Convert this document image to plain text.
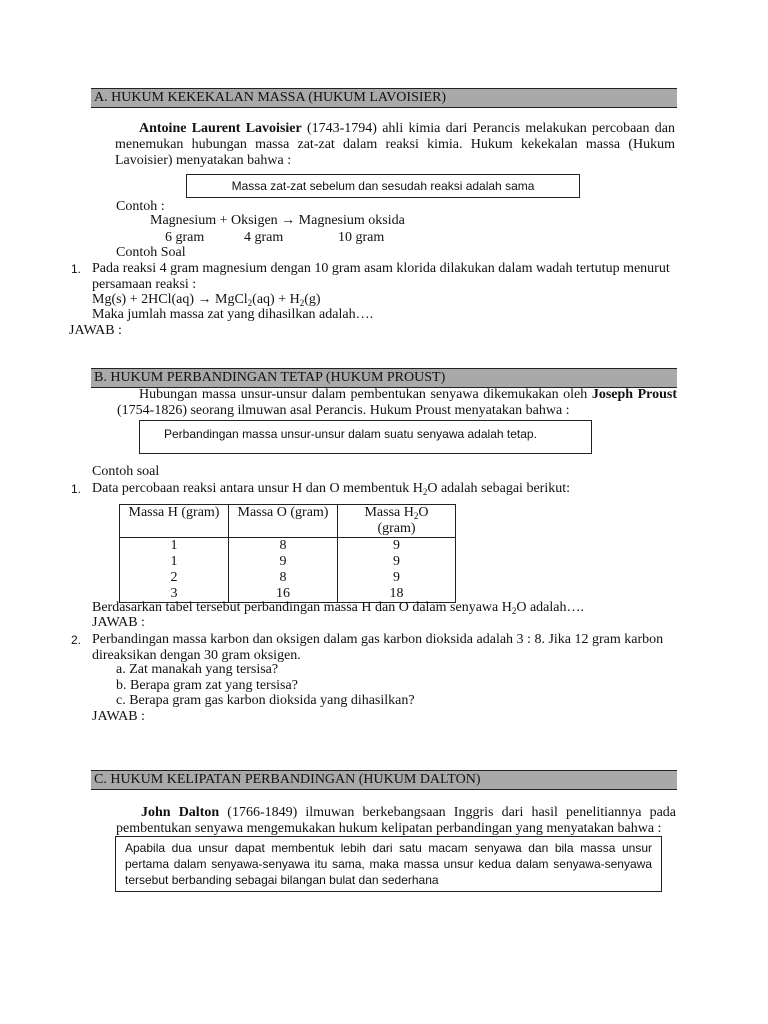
A. HUKUM KEKEKALAN MASSA (HUKUM LAVOISIER)
Antoine Laurent Lavoisier (1743-1794) ahli kimia dari Perancis melakukan percobaan dan menemukan hubungan massa zat-zat dalam reaksi kimia. Hukum kekekalan massa (Hukum Lavoisier) menyatakan bahwa :
Massa zat-zat sebelum dan sesudah reaksi adalah sama
Contoh :
Magnesium + Oksigen → Magnesium oksida
6 gram	4 gram	10 gram
Contoh Soal
1. Pada reaksi 4 gram magnesium dengan 10 gram asam klorida dilakukan dalam wadah tertutup menurut persamaan reaksi :
Mg(s) + 2HCl(aq) → MgCl$_2$(aq) + $H_2(g)$
Maka jumlah massa zat yang dihasilkan adalah….
JAWAB :
B. HUKUM PERBANDINGAN TETAP (HUKUM PROUST)
Hubungan massa unsur-unsur dalam pembentukan senyawa dikemukakan oleh Joseph Proust (1754-1826) seorang ilmuwan asal Perancis. Hukum Proust menyatakan bahwa :
Perbandingan massa unsur-unsur dalam suatu senyawa adalah tetap.
Contoh soal
1. Data percobaan reaksi antara unsur H dan O membentuk $H_2O$ adalah sebagai berikut:
Massa H (gram)	Massa O (gram)	Massa $H_2O$
(gram)
1	8	9
1	9	9
2	8	9
3	16	18
Berdasarkan tabel tersebut perbandingan massa H dan O dalam senyawa $H_2O$ adalah….
JAWAB :
2. Perbandingan massa karbon dan oksigen dalam gas karbon dioksida adalah 3 : 8. Jika 12 gram karbon direaksikan dengan 30 gram oksigen.
a. Zat manakah yang tersisa?
b. Berapa gram zat yang tersisa?
c. Berapa gram gas karbon dioksida yang dihasilkan?
JAWAB :
C. HUKUM KELIPATAN PERBANDINGAN (HUKUM DALTON)
John Dalton (1766-1849) ilmuwan berkebangsaan Inggris dari hasil penelitiannya pada pembentukan senyawa mengemukakan hukum kelipatan perbandingan yang menyatakan bahwa :
Apabila dua unsur dapat membentuk lebih dari satu macam senyawa dan bila massa unsur pertama dalam senyawa-senyawa itu sama, maka massa unsur kedua dalam senyawa-senyawa tersebut berbanding sebagai bilangan bulat dan sederhana
